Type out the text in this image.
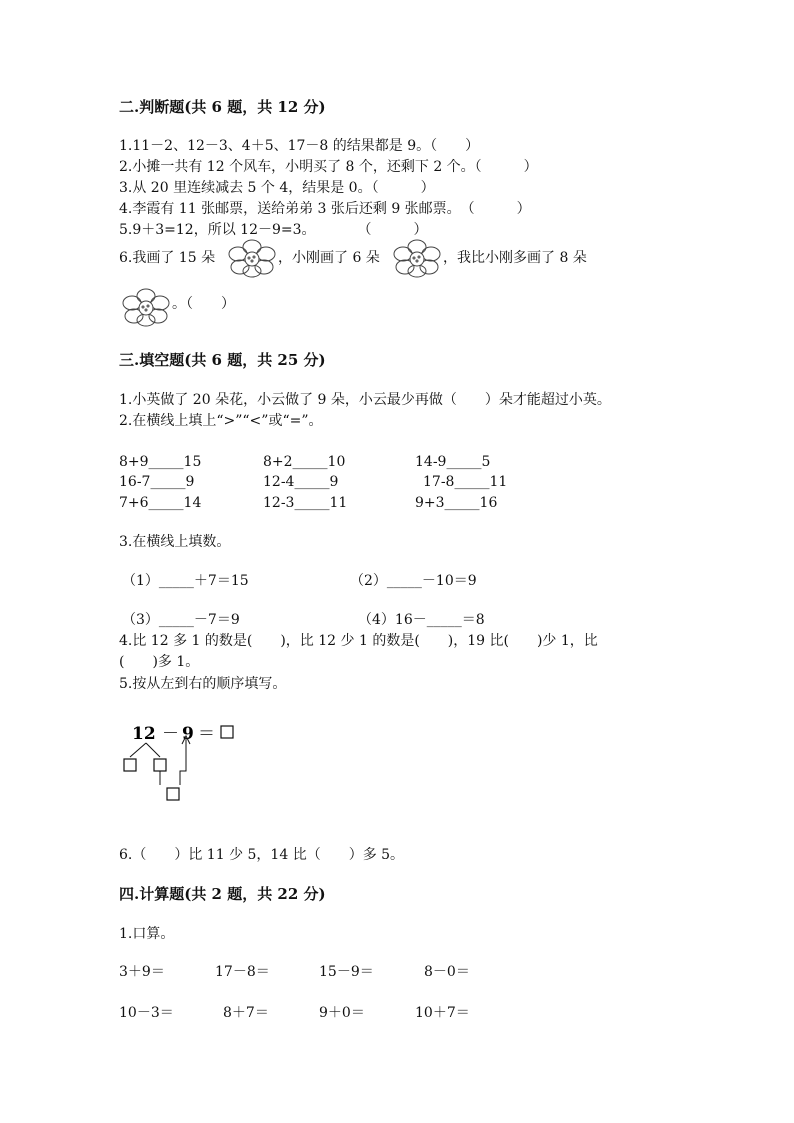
二.判断题(共 6 题，共 12 分)
1.11－2、12－3、4＋5、17－8 的结果都是 9。（　　）
2.小摊一共有 12 个风车，小明买了 8 个，还剩下 2 个。（　　　）
3.从 20 里连续减去 5 个 4，结果是 0。（　　　）
4.李霞有 11 张邮票，送给弟弟 3 张后还剩 9 张邮票。　（　　　）
5.9＋3=12，所以 12－9=3。　　　　（　　　）
6.我画了 15 朵	，小刚画了 6 朵	，我比小刚多画了 8 朵
。（　　）
三.填空题(共 6 题，共 25 分)
1.小英做了 20 朵花，小云做了 9 朵，小云最少再做（　　）朵才能超过小英。
2.在横线上填上“>”“<”或“=”。
8+9_____15	8+2_____10	14-9_____5
16-7_____9	12-4_____9	17-8_____11
7+6_____14	12-3_____11	9+3_____16
3.在横线上填数。
（1）_____＋7＝15	（2）_____－10＝9
（3）_____－7＝9	（4）16－_____＝8
4.比 12 多 1 的数是(　　)，比 12 少 1 的数是(　　)，19 比(　　)少 1，比
(　　)多 1。
5.按从左到右的顺序填写。
12 － 9 ＝
6.（　　）比 11 少 5，14 比（　　）多 5。
四.计算题(共 2 题，共 22 分)
1.口算。
3＋9＝	17－8＝	15－9＝	8－0＝
10－3＝	8＋7＝	9＋0＝	10＋7＝
